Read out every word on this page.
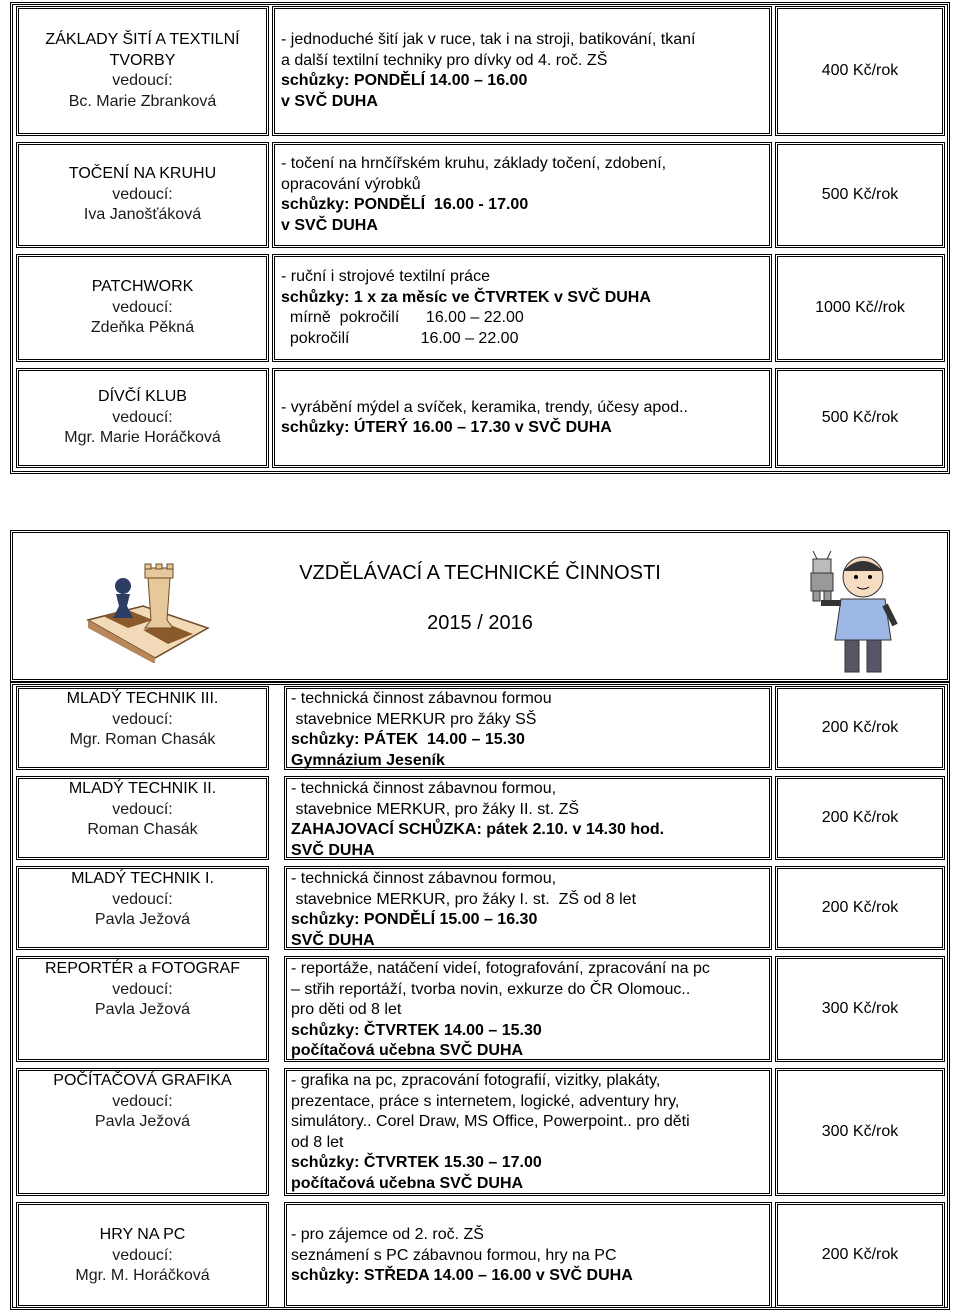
ZÁKLADY ŠITÍ A TEXTILNÍ
TVORBY
vedoucí:
Bc. Marie Zbranková
- jednoduché šití jak v ruce, tak i na stroji, batikování, tkaní
a další textilní techniky pro dívky od 4. roč. ZŠ
schůzky: PONDĚLÍ 14.00 – 16.00
v SVČ DUHA
400 Kč/rok
TOČENÍ NA KRUHU
vedoucí:
Iva Janošťáková
- točení na hrnčířském kruhu, základy točení, zdobení,
opracování výrobků
schůzky: PONDĚLÍ  16.00 - 17.00
v SVČ DUHA
500 Kč/rok
PATCHWORK
vedoucí:
Zdeňka Pěkná
- ruční i strojové textilní práce
schůzky: 1 x za měsíc ve ČTVRTEK v SVČ DUHA
mírně  pokročilí      16.00 – 22.00
pokročilí                16.00 – 22.00
1000 Kč//rok
DÍVČÍ KLUB
vedoucí:
Mgr. Marie Horáčková
- vyrábění mýdel a svíček, keramika, trendy, účesy apod..
schůzky: ÚTERÝ 16.00 – 17.30 v SVČ DUHA
500 Kč/rok
VZDĚLÁVACÍ A TECHNICKÉ ČINNOSTI
2015 / 2016
MLADÝ TECHNIK III.
vedoucí:
Mgr. Roman Chasák
- technická činnost zábavnou formou
stavebnice MERKUR pro žáky SŠ
schůzky: PÁTEK  14.00 – 15.30
Gymnázium Jeseník
200 Kč/rok
MLADÝ TECHNIK II.
vedoucí:
Roman Chasák
- technická činnost zábavnou formou,
stavebnice MERKUR, pro žáky II. st. ZŠ
ZAHAJOVACÍ SCHŮZKA: pátek 2.10. v 14.30 hod.
SVČ DUHA
200 Kč/rok
MLADÝ TECHNIK I.
vedoucí:
Pavla Ježová
- technická činnost zábavnou formou,
stavebnice MERKUR, pro žáky I. st.  ZŠ od 8 let
schůzky: PONDĚLÍ 15.00 – 16.30
SVČ DUHA
200 Kč/rok
REPORTÉR a FOTOGRAF
vedoucí:
Pavla Ježová
- reportáže, natáčení videí, fotografování, zpracování na pc
– střih reportáží, tvorba novin, exkurze do ČR Olomouc..
pro děti od 8 let
schůzky: ČTVRTEK 14.00 – 15.30
počítačová učebna SVČ DUHA
300 Kč/rok
POČÍTAČOVÁ GRAFIKA
vedoucí:
Pavla Ježová
- grafika na pc, zpracování fotografií, vizitky, plakáty,
prezentace, práce s internetem, logické, adventury hry,
simulátory.. Corel Draw, MS Office, Powerpoint.. pro děti
od 8 let
schůzky: ČTVRTEK 15.30 – 17.00
počítačová učebna SVČ DUHA
300 Kč/rok
HRY NA PC
vedoucí:
Mgr. M. Horáčková
- pro zájemce od 2. roč. ZŠ
seznámení s PC zábavnou formou, hry na PC
schůzky: STŘEDA 14.00 – 16.00 v SVČ DUHA
200 Kč/rok
